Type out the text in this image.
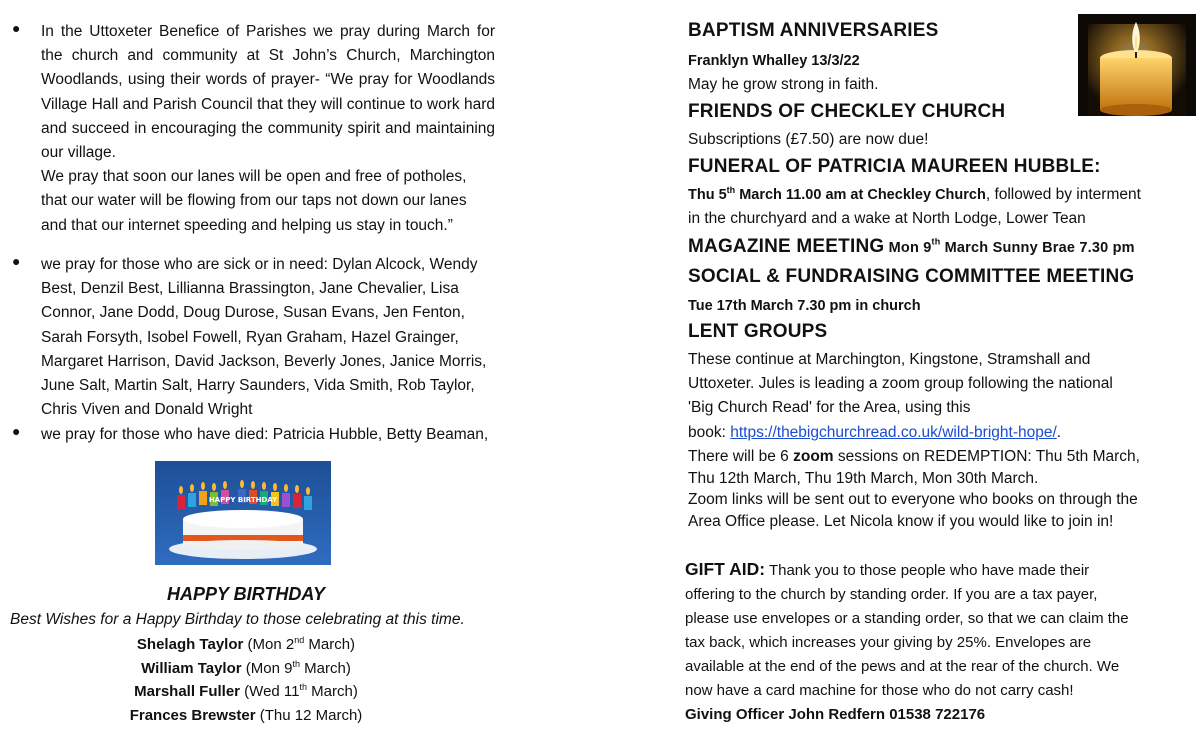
● In the Uttoxeter Benefice of Parishes we pray during March for the church and community at St John’s Church, Marchington Woodlands, using their words of prayer- “We pray for Woodlands Village Hall and Parish Council that they will continue to work hard and succeed in encouraging the community spirit and maintaining our village.
We pray that soon our lanes will be open and free of potholes, that our water will be flowing from our taps not down our lanes and that our internet speeding and helping us stay in touch.”
● we pray for those who are sick or in need: Dylan Alcock, Wendy Best, Denzil Best, Lillianna Brassington, Jane Chevalier, Lisa Connor, Jane Dodd, Doug Durose, Susan Evans, Jen Fenton, Sarah Forsyth, Isobel Fowell, Ryan Graham, Hazel Grainger, Margaret Harrison, David Jackson, Beverly Jones, Janice Morris, June Salt, Martin Salt, Harry Saunders, Vida Smith, Rob Taylor, Chris Viven and Donald Wright
● we pray for those who have died: Patricia Hubble, Betty Beaman,
HAPPY BIRTHDAY
HAPPY BIRTHDAY
Best Wishes for a Happy Birthday to those celebrating at this time.
Shelagh Taylor (Mon 2nd March)
William Taylor (Mon 9th March)
Marshall Fuller (Wed 11th March)
Frances Brewster (Thu 12 March)
BAPTISM ANNIVERSARIES
Franklyn Whalley 13/3/22
May he grow strong in faith.
FRIENDS OF CHECKLEY CHURCH
Subscriptions (£7.50) are now due!
FUNERAL OF PATRICIA MAUREEN HUBBLE:
Thu 5th March 11.00 am at Checkley Church, followed by interment
in the churchyard and a wake at North Lodge, Lower Tean
MAGAZINE MEETING Mon 9th March Sunny Brae 7.30 pm
SOCIAL & FUNDRAISING COMMITTEE MEETING
Tue 17th March 7.30 pm in church
LENT GROUPS
These continue at Marchington, Kingstone, Stramshall and
Uttoxeter. Jules is leading a zoom group following the national
'Big Church Read' for the Area, using this
book: https://thebigchurchread.co.uk/wild-bright-hope/.
There will be 6 zoom sessions on REDEMPTION: Thu 5th March,
Thu 12th March, Thu 19th March, Mon 30th March.
Zoom links will be sent out to everyone who books on through the
Area Office please. Let Nicola know if you would like to join in!
GIFT AID: Thank you to those people who have made their
offering to the church by standing order. If you are a tax payer,
please use envelopes or a standing order, so that we can claim the
tax back, which increases your giving by 25%. Envelopes are
available at the end of the pews and at the rear of the church. We
now have a card machine for those who do not carry cash!
Giving Officer John Redfern 01538 722176
